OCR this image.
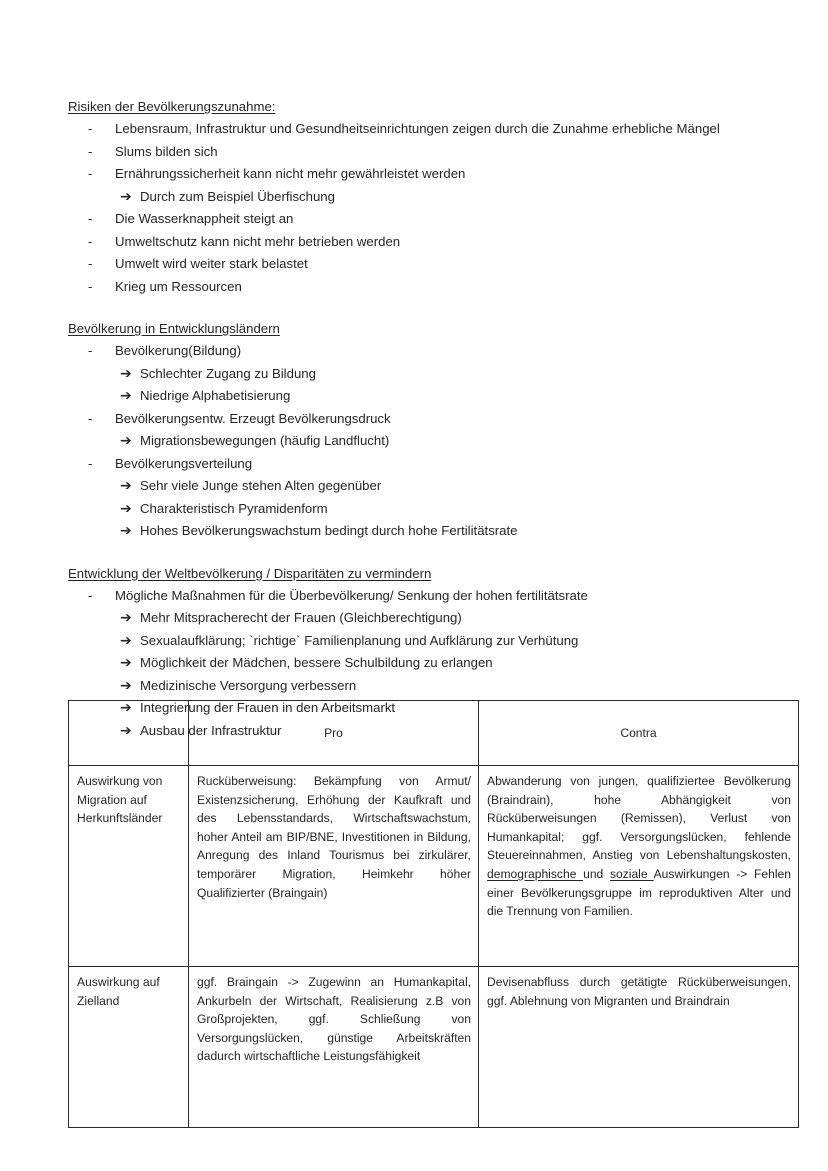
Risiken der Bevölkerungszunahme:
- Lebensraum, Infrastruktur und Gesundheitseinrichtungen zeigen durch die Zunahme erhebliche Mängel
- Slums bilden sich
- Ernährungssicherheit kann nicht mehr gewährleistet werden
➔ Durch zum Beispiel Überfischung
- Die Wasserknappheit steigt an
- Umweltschutz kann nicht mehr betrieben werden
- Umwelt wird weiter stark belastet
- Krieg um Ressourcen
Bevölkerung in Entwicklungsländern
- Bevölkerung(Bildung)
➔ Schlechter Zugang zu Bildung
➔ Niedrige Alphabetisierung
- Bevölkerungsentw. Erzeugt Bevölkerungsdruck
➔ Migrationsbewegungen (häufig Landflucht)
- Bevölkerungsverteilung
➔ Sehr viele Junge stehen Alten gegenüber
➔ Charakteristisch Pyramidenform
➔ Hohes Bevölkerungswachstum bedingt durch hohe Fertilitätsrate
Entwicklung der Weltbevölkerung / Disparitäten zu vermindern
- Mögliche Maßnahmen für die Überbevölkerung/ Senkung der hohen fertilitätsrate
➔ Mehr Mitspracherecht der Frauen (Gleichberechtigung)
➔ Sexualaufklärung; `richtige` Familienplanung und Aufklärung zur Verhütung
➔ Möglichkeit der Mädchen, bessere Schulbildung zu erlangen
➔ Medizinische Versorgung verbessern
➔ Integrierung der Frauen in den Arbeitsmarkt
➔ Ausbau der Infrastruktur
		Pro	Contra
Auswirkung von Migration auf Herkunftsländer	Rucküberweisung: Bekämpfung von Armut/ Existenzsicherung, Erhöhung der Kaufkraft und des Lebensstandards, Wirtschaftswachstum, hoher Anteil am BIP/BNE, Investitionen in Bildung, Anregung des Inland Tourismus bei zirkulärer, temporärer Migration, Heimkehr höher Qualifizierter (Braingain)	Abwanderung von jungen, qualifiziertee Bevölkerung (Braindrain), hohe Abhängigkeit von Rücküberweisungen (Remissen), Verlust von Humankapital; ggf. Versorgungslücken, fehlende Steuereinnahmen, Anstieg von Lebenshaltungskosten, demographische und soziale Auswirkungen -> Fehlen einer Bevölkerungsgruppe im reproduktiven Alter und die Trennung von Familien.
Auswirkung auf Zielland	ggf. Braingain -> Zugewinn an Humankapital, Ankurbeln der Wirtschaft, Realisierung z.B von Großprojekten, ggf. Schließung von Versorgungslücken, günstige Arbeitskräften dadurch wirtschaftliche Leistungsfähigkeit	Devisenabfluss durch getätigte Rücküberweisungen, ggf. Ablehnung von Migranten und Braindrain
